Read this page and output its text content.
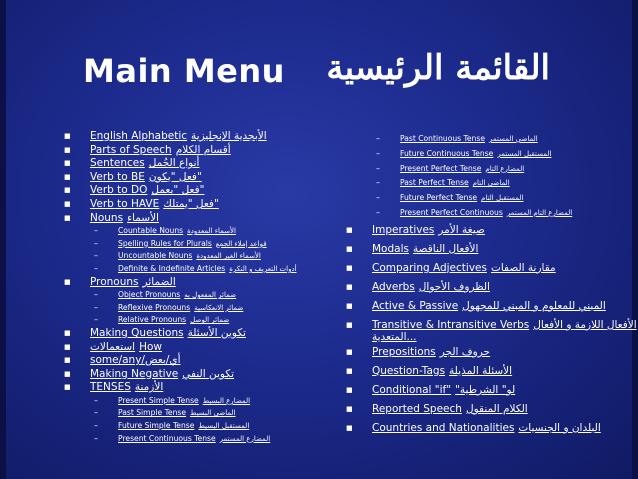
Main Menu القائمة الرئيسية
■ English Alphabetic الأبجدية الإنجليزية
■ Parts of Speech أقسام الكلام
■ Sentences أنواع الجُمل
■ Verb to BE فعل "يكون"
■ Verb to DO فعل "يعمل"
■ Verb to HAVE فعل "يمتلك"
■ Nouns الأسماء
– Countable Nouns الأسماء المعدودة
– Spelling Rules for Plurals قواعد إملاء الجمع
– Uncountable Nouns الأسماء الغير المعدودة
– Definite & Indefinite Articles أدوات التعريف و النكرة
■ Pronouns الضمائر
– Object Pronouns ضمائر المفعول به
– Reflexive Pronouns ضمائر الانعكاسية
– Relative Pronouns ضمائر الوصل
■ Making Questions تكوين الأسئلة
■ استعمالات How
■ some/any/أي/بعض
■ Making Negative تكوين النفي
■ TENSES الأزمنة
– Present Simple Tense المضارع البسيط
– Past Simple Tense الماضي البسيط
– Future Simple Tense المستقبل البسيط
– Present Continuous Tense المضارع المستمر
– Past Continuous Tense الماضي المستمر
– Future Continuous Tense المستقبل المستمر
– Present Perfect Tense المضارع التام
– Past Perfect Tense الماضي التام
– Future Perfect Tense المستقبل التام
– Present Perfect Continuous المضارع التام المستمر
■ Imperatives صيغة الأمر
■ Modals الأفعال الناقصة
■ Comparing Adjectives مقارنة الصفات
■ Adverbs الظروف الأحوال
■ Active & Passive المبني للمعلوم و المبني للمجهول
■ Transitive & Intransitive Verbs الأفعال اللازمة و الأفعال
المتعدية...
■ Prepositions حروف الجر
■ Question-Tags الأسئلة المذيلة
■ Conditional "if" "لو" الشرطية
■ Reported Speech الكلام المنقول
■ Countries and Nationalities البلدان و الجنسيات
